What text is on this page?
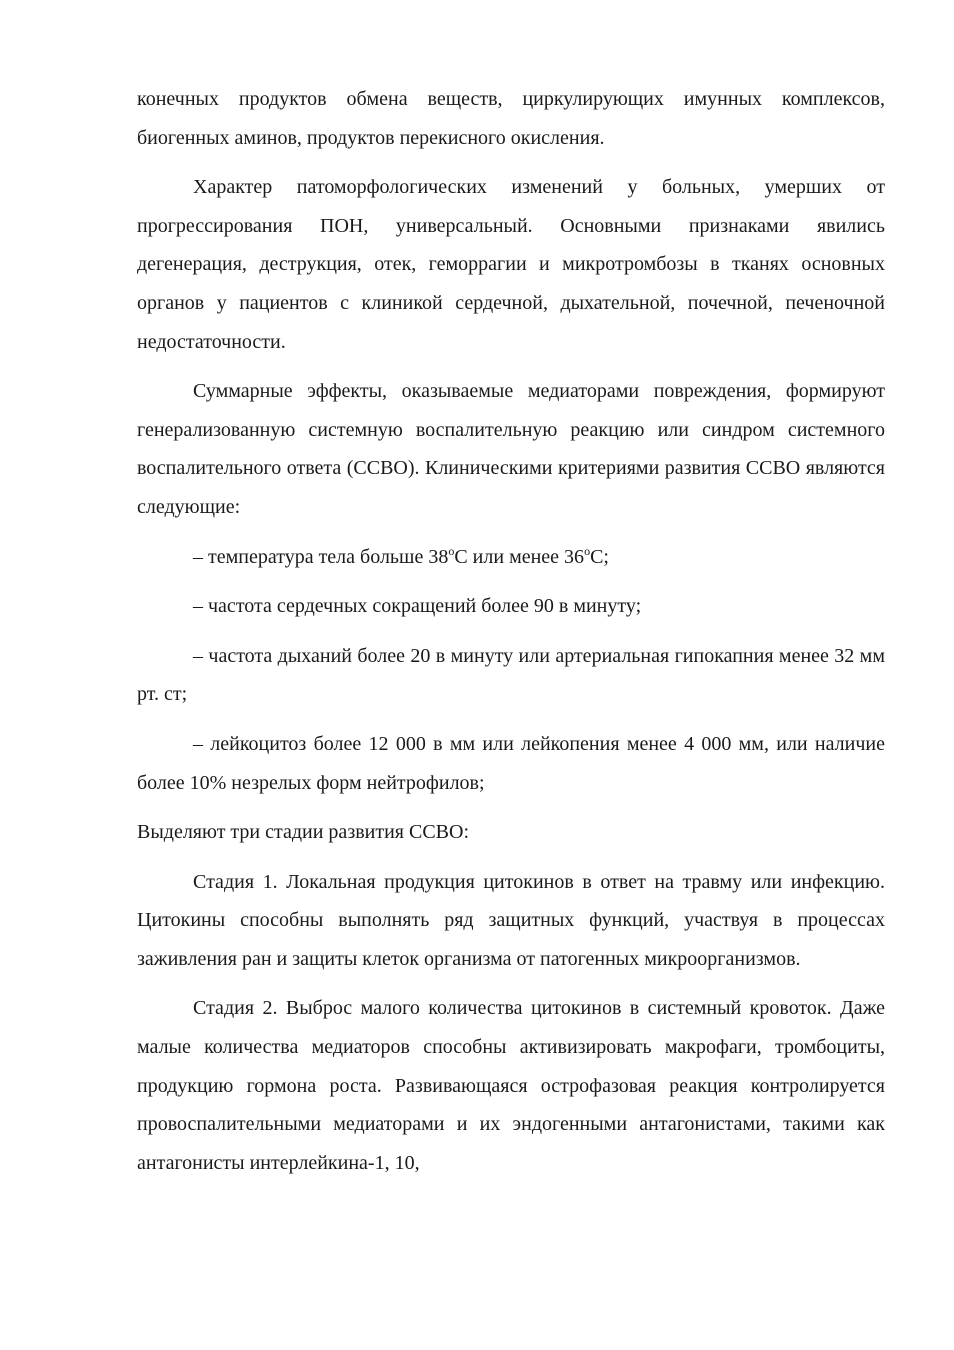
конечных продуктов обмена веществ, циркулирующих имунных комплексов, биогенных аминов, продуктов перекисного окисления.

Характер патоморфологических изменений у больных, умерших от прогрессирования ПОН, универсальный. Основными признаками явились дегенерация, деструкция, отек, геморрагии и микротромбозы в тканях основных органов у пациентов с клиникой сердечной, дыхательной, почечной, печеночной недостаточности.

Суммарные эффекты, оказываемые медиаторами повреждения, формируют генерализованную системную воспалительную реакцию или синдром системного воспалительного ответа (ССВО). Клиническими критериями развития ССВО являются следующие:

– температура тела больше $38^оС$ или менее $36^оС$;

– частота сердечных сокращений более 90 в минуту;

– частота дыханий более 20 в минуту или артериальная гипокапния менее 32 мм рт. ст;

– лейкоцитоз более 12 000 в мм или лейкопения менее 4 000 мм, или наличие более 10% незрелых форм нейтрофилов;

Выделяют три стадии развития ССВО:

Стадия 1. Локальная продукция цитокинов в ответ на травму или инфекцию. Цитокины способны выполнять ряд защитных функций, участвуя в процессах заживления ран и защиты клеток организма от патогенных микроорганизмов.

Стадия 2. Выброс малого количества цитокинов в системный кровоток. Даже малые количества медиаторов способны активизировать макрофаги, тромбоциты, продукцию гормона роста. Развивающаяся острофазовая реакция контролируется провоспалительными медиаторами и их эндогенными антагонистами, такими как антагонисты интерлейкина-1, 10,
